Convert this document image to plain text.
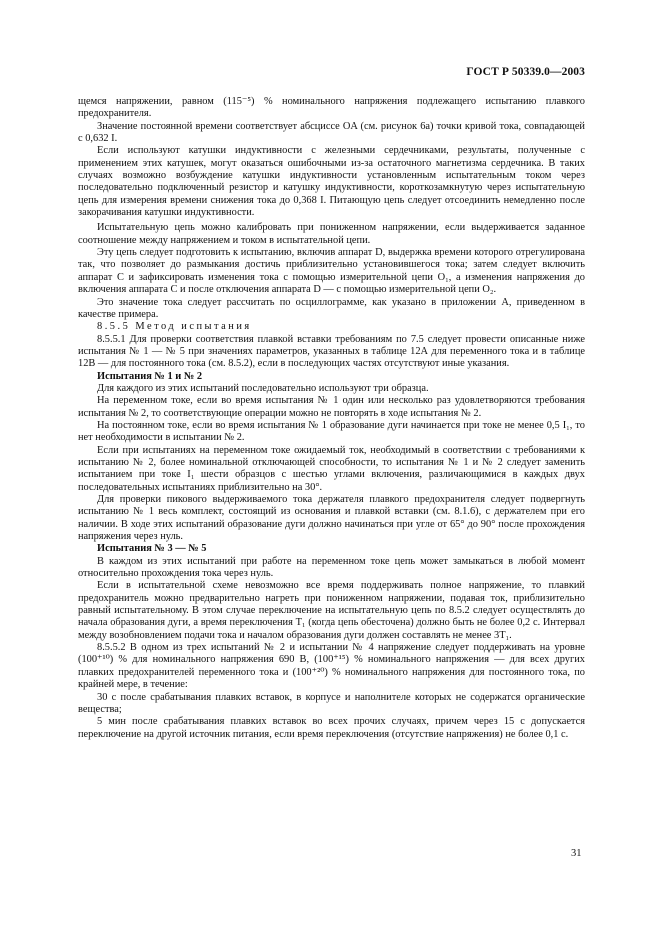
ГОСТ Р 50339.0—2003

щемся напряжении, равном (115⁻⁵) % номинального напряжения подлежащего испытанию плавкого предохранителя.

Значение постоянной времени соответствует абсциссе OA (см. рисунок 6а) точки кривой тока, совпадающей с 0,632 I.

Если используют катушки индуктивности с железными сердечниками, результаты, полученные с применением этих катушек, могут оказаться ошибочными из-за остаточного магнетизма сердечника. В таких случаях возможно возбуждение катушки индуктивности установленным испытательным током через последовательно подключенный резистор и катушку индуктивности, короткозамкнутую через испытательную цепь для измерения времени снижения тока до 0,368 I. Питающую цепь следует отсоединить немедленно после закорачивания катушки индуктивности.

Испытательную цепь можно калибровать при пониженном напряжении, если выдерживается заданное соотношение между напряжением и током в испытательной цепи.

Эту цепь следует подготовить к испытанию, включив аппарат D, выдержка времени которого отрегулирована так, что позволяет до размыкания достичь приблизительно установившегося тока; затем следует включить аппарат C и зафиксировать изменения тока с помощью измерительной цепи O₁, а изменения напряжения до включения аппарата C и после отключения аппарата D — с помощью измерительной цепи O₂.

Это значение тока следует рассчитать по осциллограмме, как указано в приложении А, приведенном в качестве примера.

8.5.5 Метод испытания

8.5.5.1 Для проверки соответствия плавкой вставки требованиям по 7.5 следует провести описанные ниже испытания № 1 — № 5 при значениях параметров, указанных в таблице 12А для переменного тока и в таблице 12В — для постоянного тока (см. 8.5.2), если в последующих частях отсутствуют иные указания.

Испытания № 1 и № 2

Для каждого из этих испытаний последовательно используют три образца.

На переменном токе, если во время испытания № 1 один или несколько раз удовлетворяются требования испытания № 2, то соответствующие операции можно не повторять в ходе испытания № 2.

На постоянном токе, если во время испытания № 1 образование дуги начинается при токе не менее 0,5 I₁, то нет необходимости в испытании № 2.

Если при испытаниях на переменном токе ожидаемый ток, необходимый в соответствии с требованиями к испытанию № 2, более номинальной отключающей способности, то испытания № 1 и № 2 следует заменить испытанием при токе I₁ шести образцов с шестью углами включения, различающимися в каждых двух последовательных испытаниях приблизительно на 30°.

Для проверки пикового выдерживаемого тока держателя плавкого предохранителя следует подвергнуть испытанию № 1 весь комплект, состоящий из основания и плавкой вставки (см. 8.1.6), с держателем при его наличии. В ходе этих испытаний образование дуги должно начинаться при угле от 65° до 90° после прохождения напряжения через нуль.

Испытания № 3 — № 5

В каждом из этих испытаний при работе на переменном токе цепь может замыкаться в любой момент относительно прохождения тока через нуль.

Если в испытательной схеме невозможно все время поддерживать полное напряжение, то плавкий предохранитель можно предварительно нагреть при пониженном напряжении, подавая ток, приблизительно равный испытательному. В этом случае переключение на испытательную цепь по 8.5.2 следует осуществлять до начала образования дуги, а время переключения T₁ (когда цепь обесточена) должно быть не более 0,2 с. Интервал между возобновлением подачи тока и началом образования дуги должен составлять не менее 3T₁.

8.5.5.2 В одном из трех испытаний № 2 и испытании № 4 напряжение следует поддерживать на уровне (100⁺¹⁰) % для номинального напряжения 690 В, (100⁺¹⁵) % номинального напряжения — для всех других плавких предохранителей переменного тока и (100⁺²⁰) % номинального напряжения для постоянного тока, по крайней мере, в течение:

30 с после срабатывания плавких вставок, в корпусе и наполнителе которых не содержатся органические вещества;

5 мин после срабатывания плавких вставок во всех прочих случаях, причем через 15 с допускается переключение на другой источник питания, если время переключения (отсутствие напряжения) не более 0,1 с.

31
